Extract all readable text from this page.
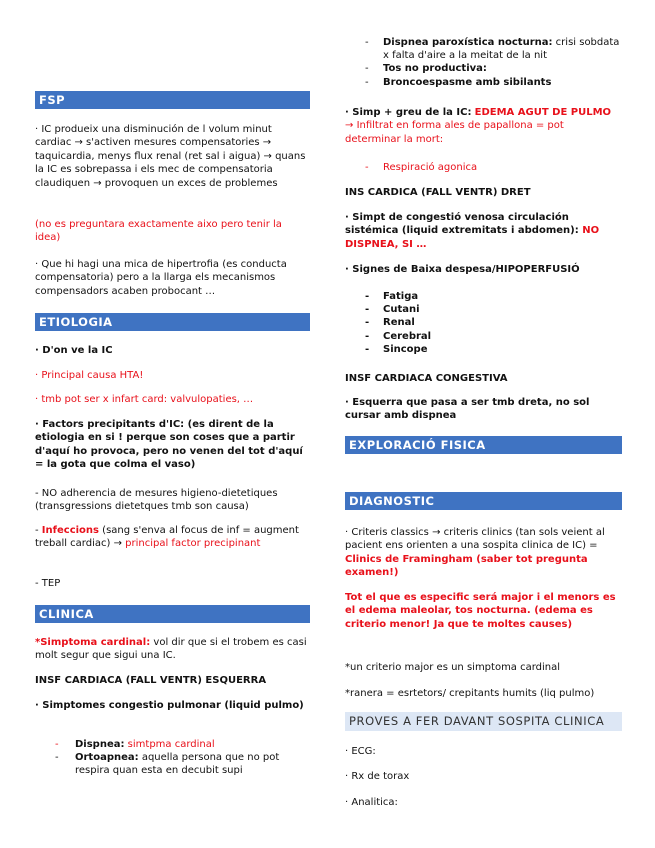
FSP

· IC produeix una disminución de l volum minut cardiac → s'activen mesures compensatories → taquicardia, menys flux renal (ret sal i aigua) → quans la IC es sobrepassa i els mec de compensatoria claudiquen → provoquen un exces de problemes

(no es preguntara exactamente aixo pero tenir la idea)

· Que hi hagi una mica de hipertrofia (es conducta compensatoria) pero a la llarga els mecanismos compensadors acaben probocant …

ETIOLOGIA

· D'on ve la IC

· Principal causa HTA!

· tmb pot ser x infart card: valvulopaties, …

· Factors precipitants d'IC: (es dirent de la etiologia en si ! perque son coses que a partir d'aquí ho provoca, pero no venen del tot d'aquí = la gota que colma el vaso)

- NO adherencia de mesures higieno-dietetiques (transgressions dietetques tmb son causa)

- Infeccions (sang s'enva al focus de inf = augment treball cardiac) → principal factor precipinant

- TEP

CLINICA

*Simptoma cardinal: vol dir que si el trobem es casi molt segur que sigui una IC.

INSF CARDIACA (FALL VENTR) ESQUERRA

· Simptomes congestio pulmonar (liquid pulmo)

- Dispnea: simtpma cardinal
- Ortoapnea: aquella persona que no pot respira quan esta en decubit supi
- Dispnea paroxística nocturna: crisi sobdata x falta d'aire a la meitat de la nit
- Tos no productiva:
- Broncoespasme amb sibilants

· Simp + greu de la IC: EDEMA AGUT DE PULMO → Infiltrat en forma ales de papallona = pot determinar la mort:

- Respiració agonica

INS CARDICA (FALL VENTR) DRET

· Simpt de congestió venosa circulación sistémica (liquid extremitats i abdomen): NO DISPNEA, SI …

· Signes de Baixa despesa/HIPOPERFUSIÓ

- Fatiga
- Cutani
- Renal
- Cerebral
- Sincope

INSF CARDIACA CONGESTIVA

· Esquerra que pasa a ser tmb dreta, no sol cursar amb dispnea

EXPLORACIÓ FISICA
DIAGNOSTIC

· Criteris classics → criteris clinics (tan sols veient al pacient ens orienten a una sospita clinica de IC) = Clinics de Framingham (saber tot pregunta examen!)

Tot el que es especific será major i el menors es el edema maleolar, tos nocturna. (edema es criterio menor! Ja que te moltes causes)

*un criterio major es un simptoma cardinal

*ranera = esrtetors/ crepitants humits (liq pulmo)

PROVES A FER DAVANT SOSPITA CLINICA

· ECG:

· Rx de torax

· Analitica:
